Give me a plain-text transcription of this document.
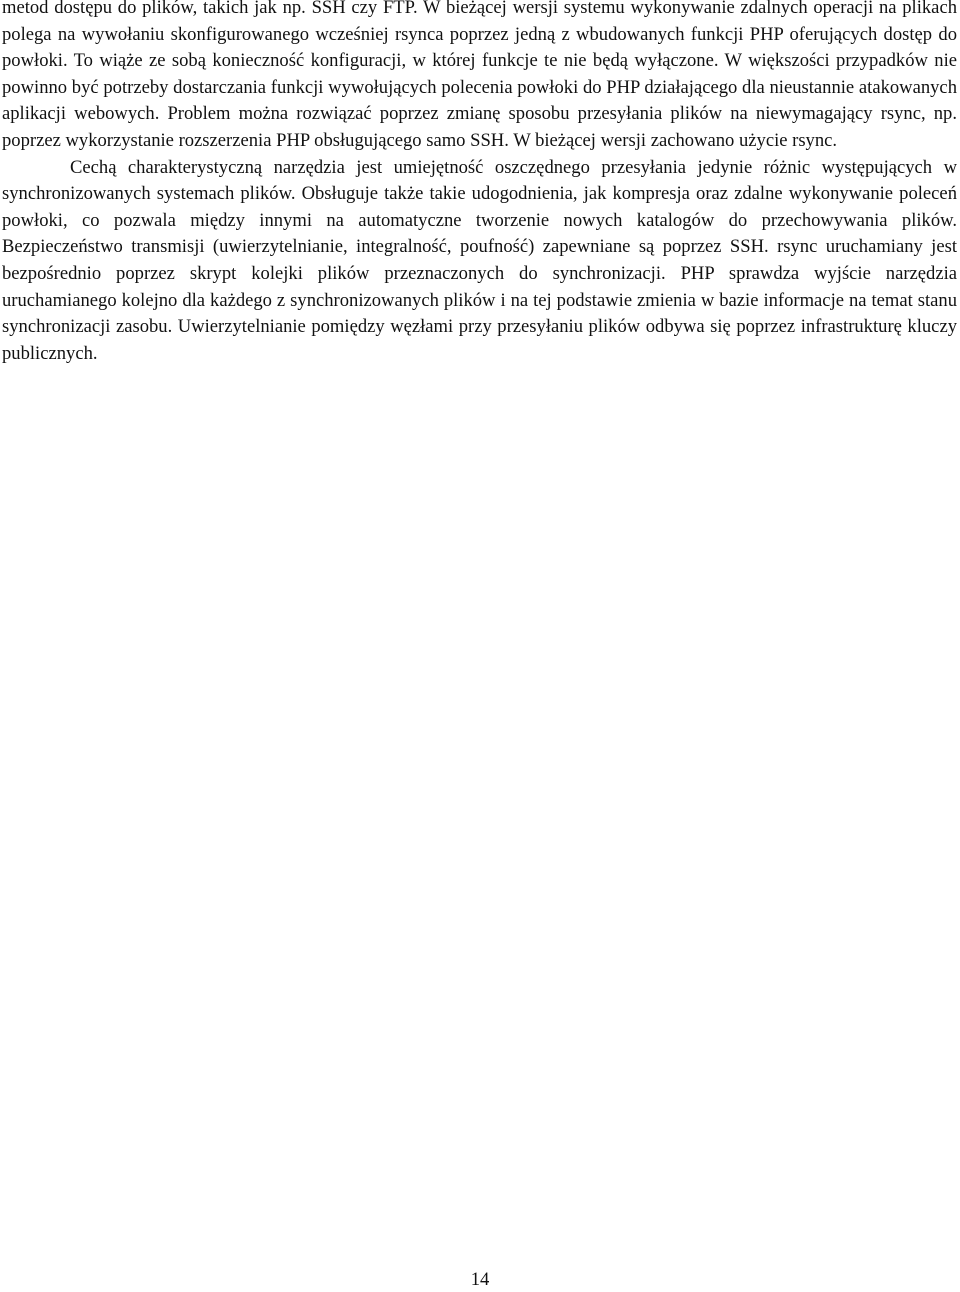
metod dostępu do plików, takich jak np. SSH czy FTP. W bieżącej wersji systemu wykonywanie zdalnych operacji na plikach polega na wywołaniu skonfigurowanego wcześniej rsynca poprzez jedną z wbudowanych funkcji PHP oferujących dostęp do powłoki. To wiąże ze sobą konieczność konfiguracji, w której funkcje te nie będą wyłączone. W większości przypadków nie powinno być potrzeby dostarczania funkcji wywołujących polecenia powłoki do PHP działającego dla nieustannie atakowanych aplikacji webowych. Problem można rozwiązać poprzez zmianę sposobu przesyłania plików na niewymagający rsync, np. poprzez wykorzystanie rozszerzenia PHP obsługującego samo SSH. W bieżącej wersji zachowano użycie rsync.

Cechą charakterystyczną narzędzia jest umiejętność oszczędnego przesyłania jedynie różnic występujących w synchronizowanych systemach plików. Obsługuje także takie udogodnienia, jak kompresja oraz zdalne wykonywanie poleceń powłoki, co pozwala między innymi na automatyczne tworzenie nowych katalogów do przechowywania plików. Bezpieczeństwo transmisji (uwierzytelnianie, integralność, poufność) zapewniane są poprzez SSH. rsync uruchamiany jest bezpośrednio poprzez skrypt kolejki plików przeznaczonych do synchronizacji. PHP sprawdza wyjście narzędzia uruchamianego kolejno dla każdego z synchronizowanych plików i na tej podstawie zmienia w bazie informacje na temat stanu synchronizacji zasobu. Uwierzytelnianie pomiędzy węzłami przy przesyłaniu plików odbywa się poprzez infrastrukturę kluczy publicznych.

14
